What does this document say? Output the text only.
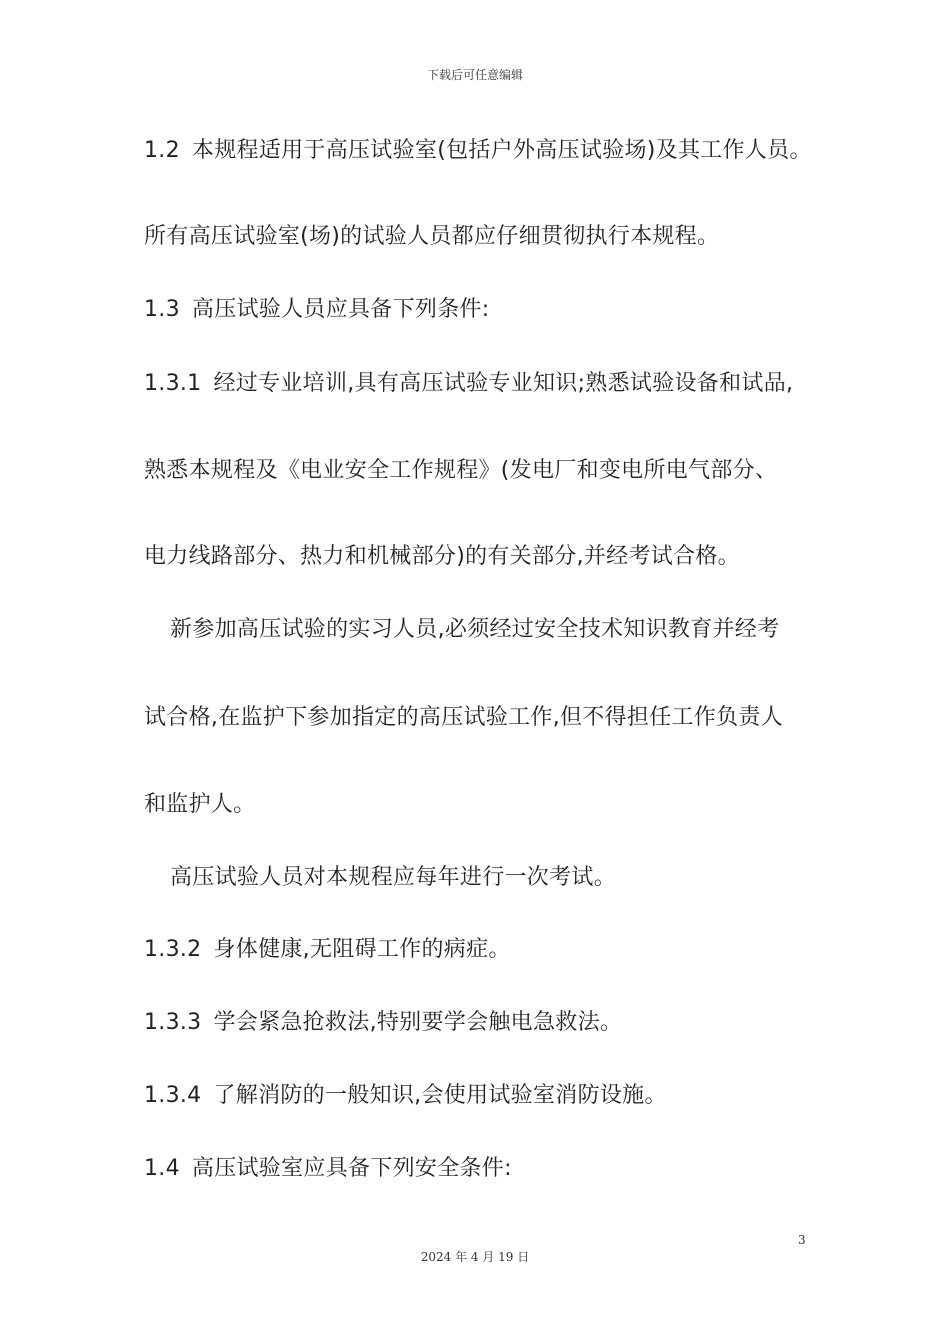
下载后可任意编辑
1.2 本规程适用于高压试验室(包括户外高压试验场)及其工作人员。
所有高压试验室(场)的试验人员都应仔细贯彻执行本规程。
1.3 高压试验人员应具备下列条件:
1.3.1 经过专业培训,具有高压试验专业知识;熟悉试验设备和试品,
熟悉本规程及《电业安全工作规程》(发电厂和变电所电气部分、
电力线路部分、热力和机械部分)的有关部分,并经考试合格。
新参加高压试验的实习人员,必须经过安全技术知识教育并经考
试合格,在监护下参加指定的高压试验工作,但不得担任工作负责人
和监护人。
高压试验人员对本规程应每年进行一次考试。
1.3.2 身体健康,无阻碍工作的病症。
1.3.3 学会紧急抢救法,特别要学会触电急救法。
1.3.4 了解消防的一般知识,会使用试验室消防设施。
1.4 高压试验室应具备下列安全条件:
3
2024 年 4 月 19 日
